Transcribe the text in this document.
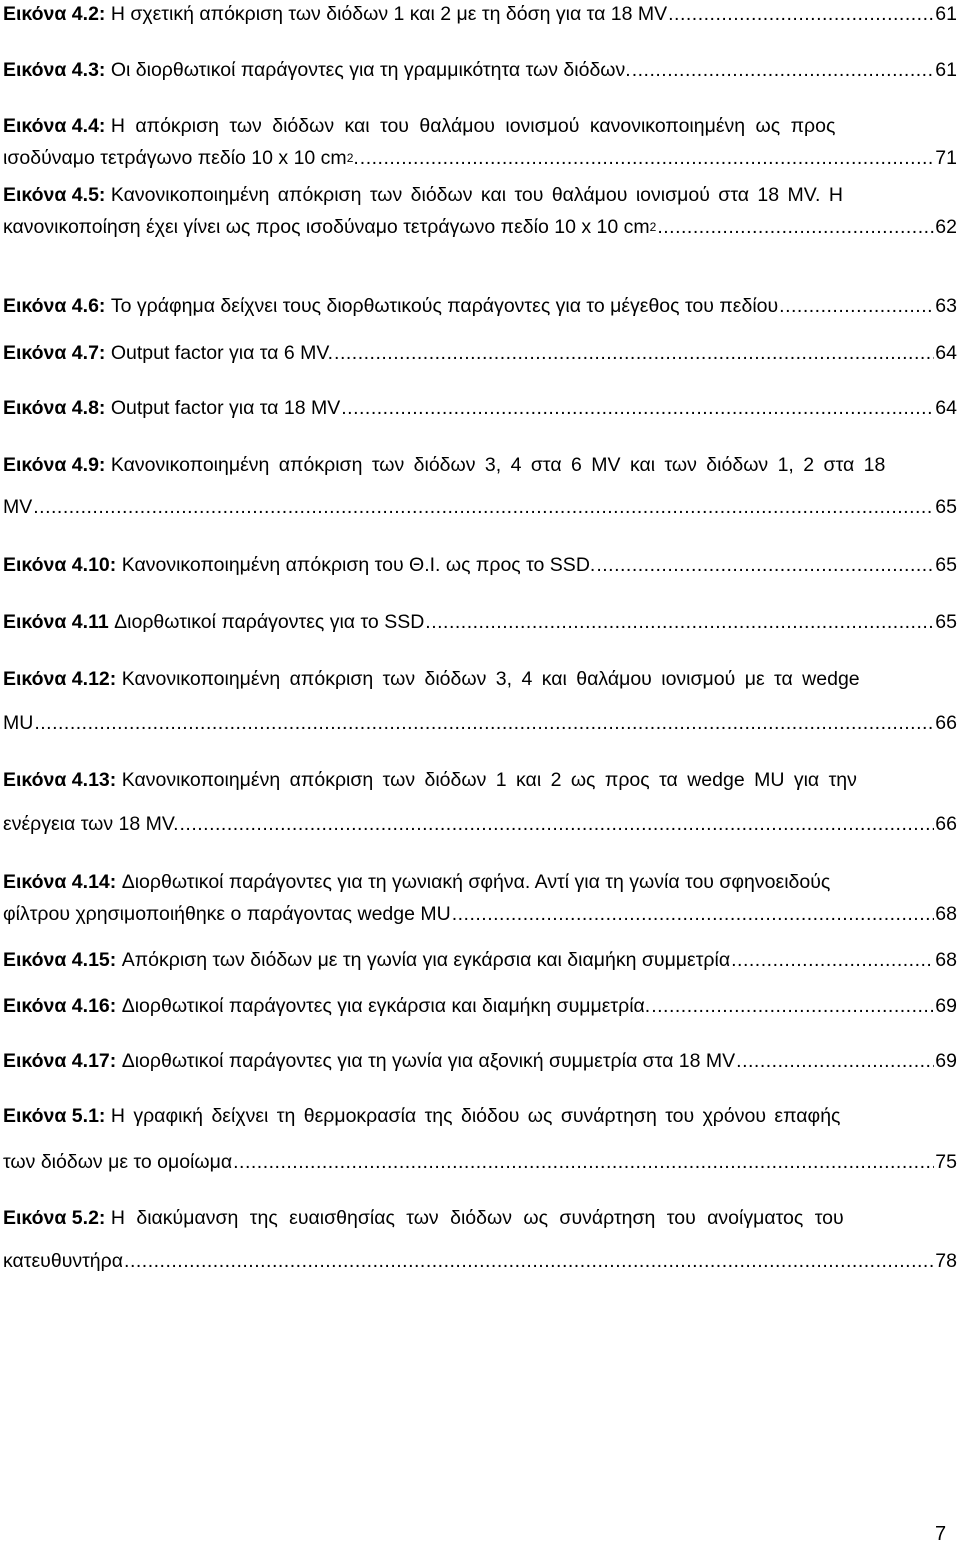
Εικόνα 4.2:
Η σχετική απόκριση των διόδων 1 και 2 με τη δόση για τα 18 MV .....	61
Εικόνα 4.3:
Οι διορθωτικοί παράγοντες για τη γραμμικότητα των διόδων. .....	61
Εικόνα 4.4:
Η απόκριση των διόδων και του θαλάμου ιονισμού κανονικοποιημένη ως προς
ισοδύναμο τετράγωνο πεδίο 10 x 10 $cm^2$ . .....	71
Εικόνα 4.5:
Κανονικοποιημένη απόκριση των διόδων και του θαλάμου ιονισμού στα 18 MV. Η
κανονικοποίηση έχει γίνει ως προς ισοδύναμο τετράγωνο πεδίο 10 x 10 $cm^2$ .....	62
Εικόνα 4.6:
Το γράφημα δείχνει τους διορθωτικούς παράγοντες για το μέγεθος του πεδίου .....	63
Εικόνα 4.7:
Output factor για τα 6 MV. .....	64
Εικόνα 4.8:
Output factor για τα 18 MV .....	64
Εικόνα 4.9:
Κανονικοποιημένη απόκριση των διόδων 3, 4 στα 6 MV και των διόδων 1, 2 στα 18
MV .....	65
Εικόνα 4.10:
Κανονικοποιημένη απόκριση του Θ.Ι. ως προς το SSD. .....	65
Εικόνα 4.11
Διορθωτικοί παράγοντες για το SSD .....	65
Εικόνα 4.12:
Κανονικοποιημένη απόκριση των διόδων 3, 4 και θαλάμου ιονισμού με τα wedge
MU .....	66
Εικόνα 4.13:
Κανονικοποιημένη απόκριση των διόδων 1 και 2 ως προς τα wedge MU για την
ενέργεια των 18 MV. .....	66
Εικόνα 4.14:
Διορθωτικοί παράγοντες για τη γωνιακή σφήνα. Αντί για τη γωνία του σφηνοειδούς
φίλτρου χρησιμοποιήθηκε ο παράγοντας wedge MU .....	68
Εικόνα 4.15:
Απόκριση των διόδων με τη γωνία για εγκάρσια και διαμήκη συμμετρία .....	68
Εικόνα 4.16:
Διορθωτικοί παράγοντες για εγκάρσια και διαμήκη συμμετρία. .....	69
Εικόνα 4.17:
Διορθωτικοί παράγοντες για τη γωνία για αξονική συμμετρία στα 18 MV .....	69
Εικόνα 5.1:
Η γραφική δείχνει τη θερμοκρασία της διόδου ως συνάρτηση του χρόνου επαφής
των διόδων με το ομοίωμα .....	75
Εικόνα 5.2:
Η διακύμανση της ευαισθησίας των διόδων ως συνάρτηση του ανοίγματος του
κατευθυντήρα .....	78
7
